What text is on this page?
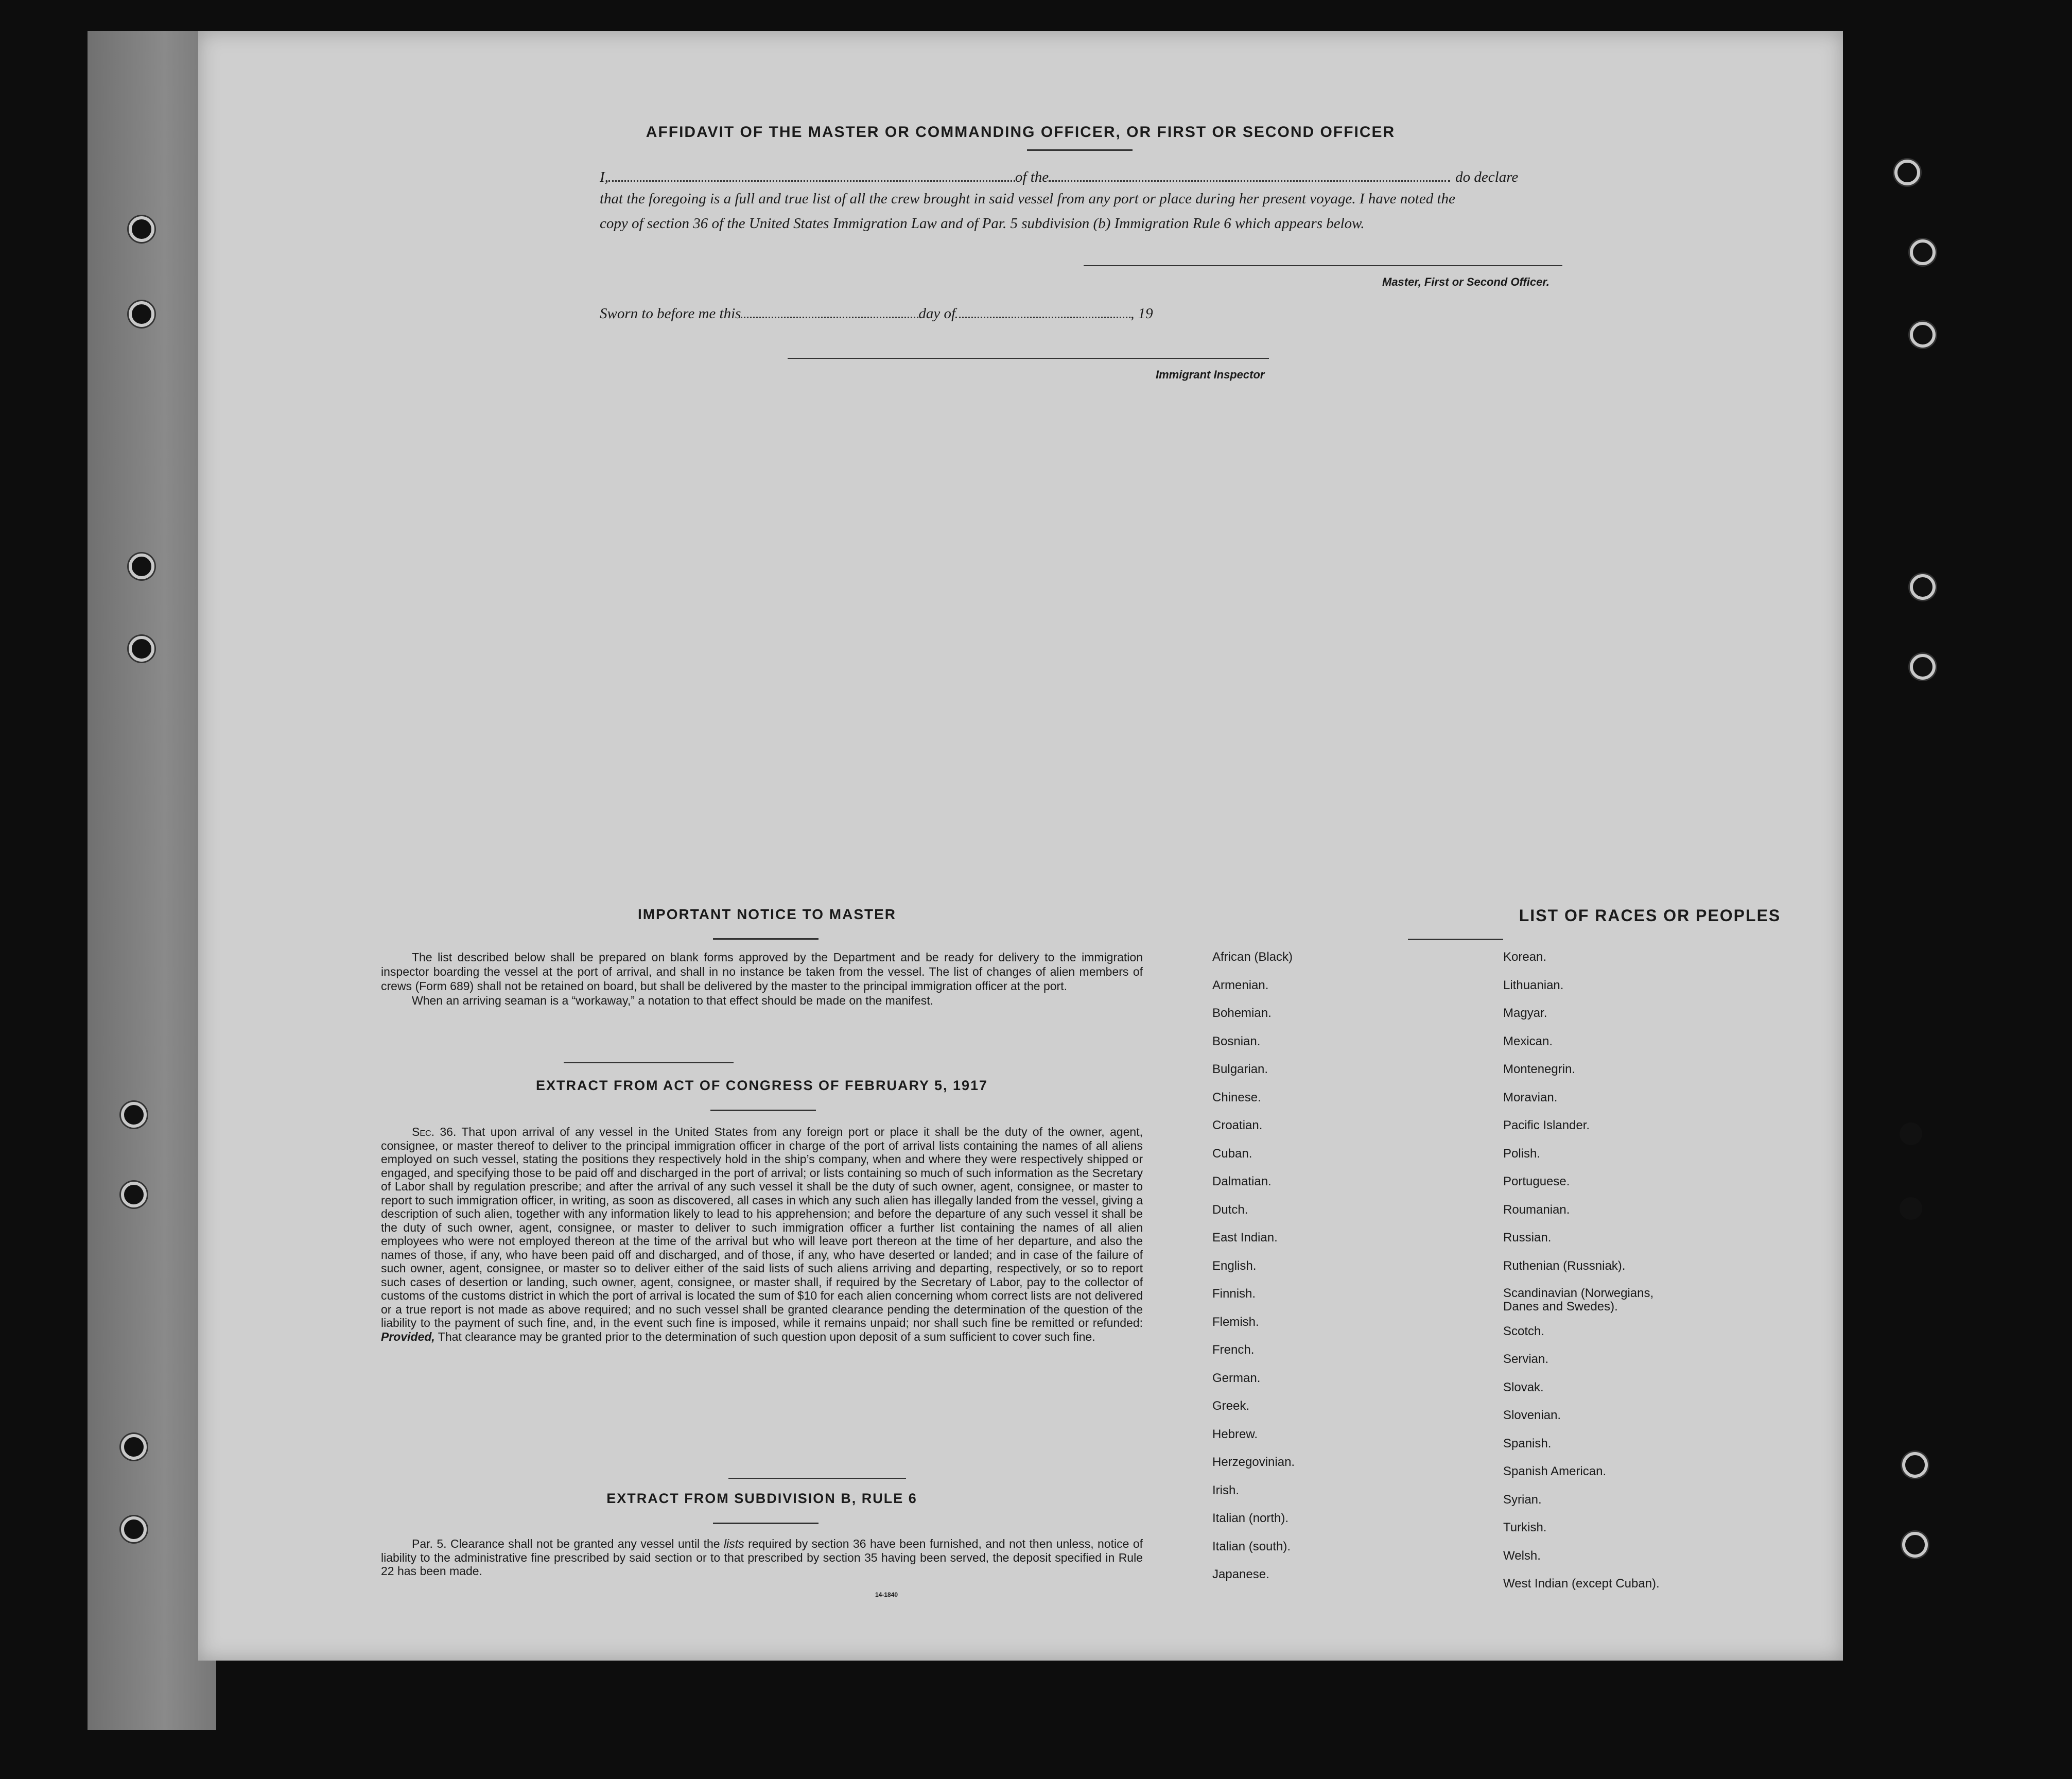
AFFIDAVIT OF THE MASTER OR COMMANDING OFFICER, OR FIRST OR SECOND OFFICER
I,	of the	do declare
that the foregoing is a full and true list of all the crew brought in said vessel from any port or place during her present voyage. I have noted the
copy of section 36 of the United States Immigration Law and of Par. 5 subdivision (b) Immigration Rule 6 which appears below.
Master, First or Second Officer.
Sworn to before me this	day of	, 19
Immigrant Inspector
IMPORTANT NOTICE TO MASTER
The list described below shall be prepared on blank forms approved by the Department and be ready for delivery to the immigration inspector boarding the vessel at the port of arrival, and shall in no instance be taken from the vessel. The list of changes of alien members of crews (Form 689) shall not be retained on board, but shall be delivered by the master to the principal immigration officer at the port.
When an arriving seaman is a “workaway,” a notation to that effect should be made on the manifest.
EXTRACT FROM ACT OF CONGRESS OF FEBRUARY 5, 1917
Sec. 36. That upon arrival of any vessel in the United States from any foreign port or place it shall be the duty of the owner, agent, consignee, or master thereof to deliver to the principal immigration officer in charge of the port of arrival lists containing the names of all aliens employed on such vessel, stating the positions they respectively hold in the ship’s company, when and where they were respectively shipped or engaged, and specifying those to be paid off and discharged in the port of arrival; or lists containing so much of such information as the Secretary of Labor shall by regulation prescribe; and after the arrival of any such vessel it shall be the duty of such owner, agent, consignee, or master to report to such immigration officer, in writing, as soon as discovered, all cases in which any such alien has illegally landed from the vessel, giving a description of such alien, together with any information likely to lead to his apprehension; and before the departure of any such vessel it shall be the duty of such owner, agent, consignee, or master to deliver to such immigration officer a further list containing the names of all alien employees who were not employed thereon at the time of the arrival but who will leave port thereon at the time of her departure, and also the names of those, if any, who have been paid off and discharged, and of those, if any, who have deserted or landed; and in case of the failure of such owner, agent, consignee, or master so to deliver either of the said lists of such aliens arriving and departing, respectively, or so to report such cases of desertion or landing, such owner, agent, consignee, or master shall, if required by the Secretary of Labor, pay to the collector of customs of the customs district in which the port of arrival is located the sum of $10 for each alien concerning whom correct lists are not delivered or a true report is not made as above required; and no such vessel shall be granted clearance pending the determination of the question of the liability to the payment of such fine, and, in the event such fine is imposed, while it remains unpaid; nor shall such fine be remitted or refunded: Provided, That clearance may be granted prior to the determination of such question upon deposit of a sum sufficient to cover such fine.
EXTRACT FROM SUBDIVISION B, RULE 6
Par. 5. Clearance shall not be granted any vessel until the lists required by section 36 have been furnished, and not then unless, notice of liability to the administrative fine prescribed by said section or to that prescribed by section 35 having been served, the deposit specified in Rule 22 has been made.
14-1840
LIST OF RACES OR PEOPLES
African (Black)
Armenian.
Bohemian.
Bosnian.
Bulgarian.
Chinese.
Croatian.
Cuban.
Dalmatian.
Dutch.
East Indian.
English.
Finnish.
Flemish.
French.
German.
Greek.
Hebrew.
Herzegovinian.
Irish.
Italian (north).
Italian (south).
Japanese.
Korean.
Lithuanian.
Magyar.
Mexican.
Montenegrin.
Moravian.
Pacific Islander.
Polish.
Portuguese.
Roumanian.
Russian.
Ruthenian (Russniak).
Scandinavian (Norwegians,
Danes and Swedes).
Scotch.
Servian.
Slovak.
Slovenian.
Spanish.
Spanish American.
Syrian.
Turkish.
Welsh.
West Indian (except Cuban).
